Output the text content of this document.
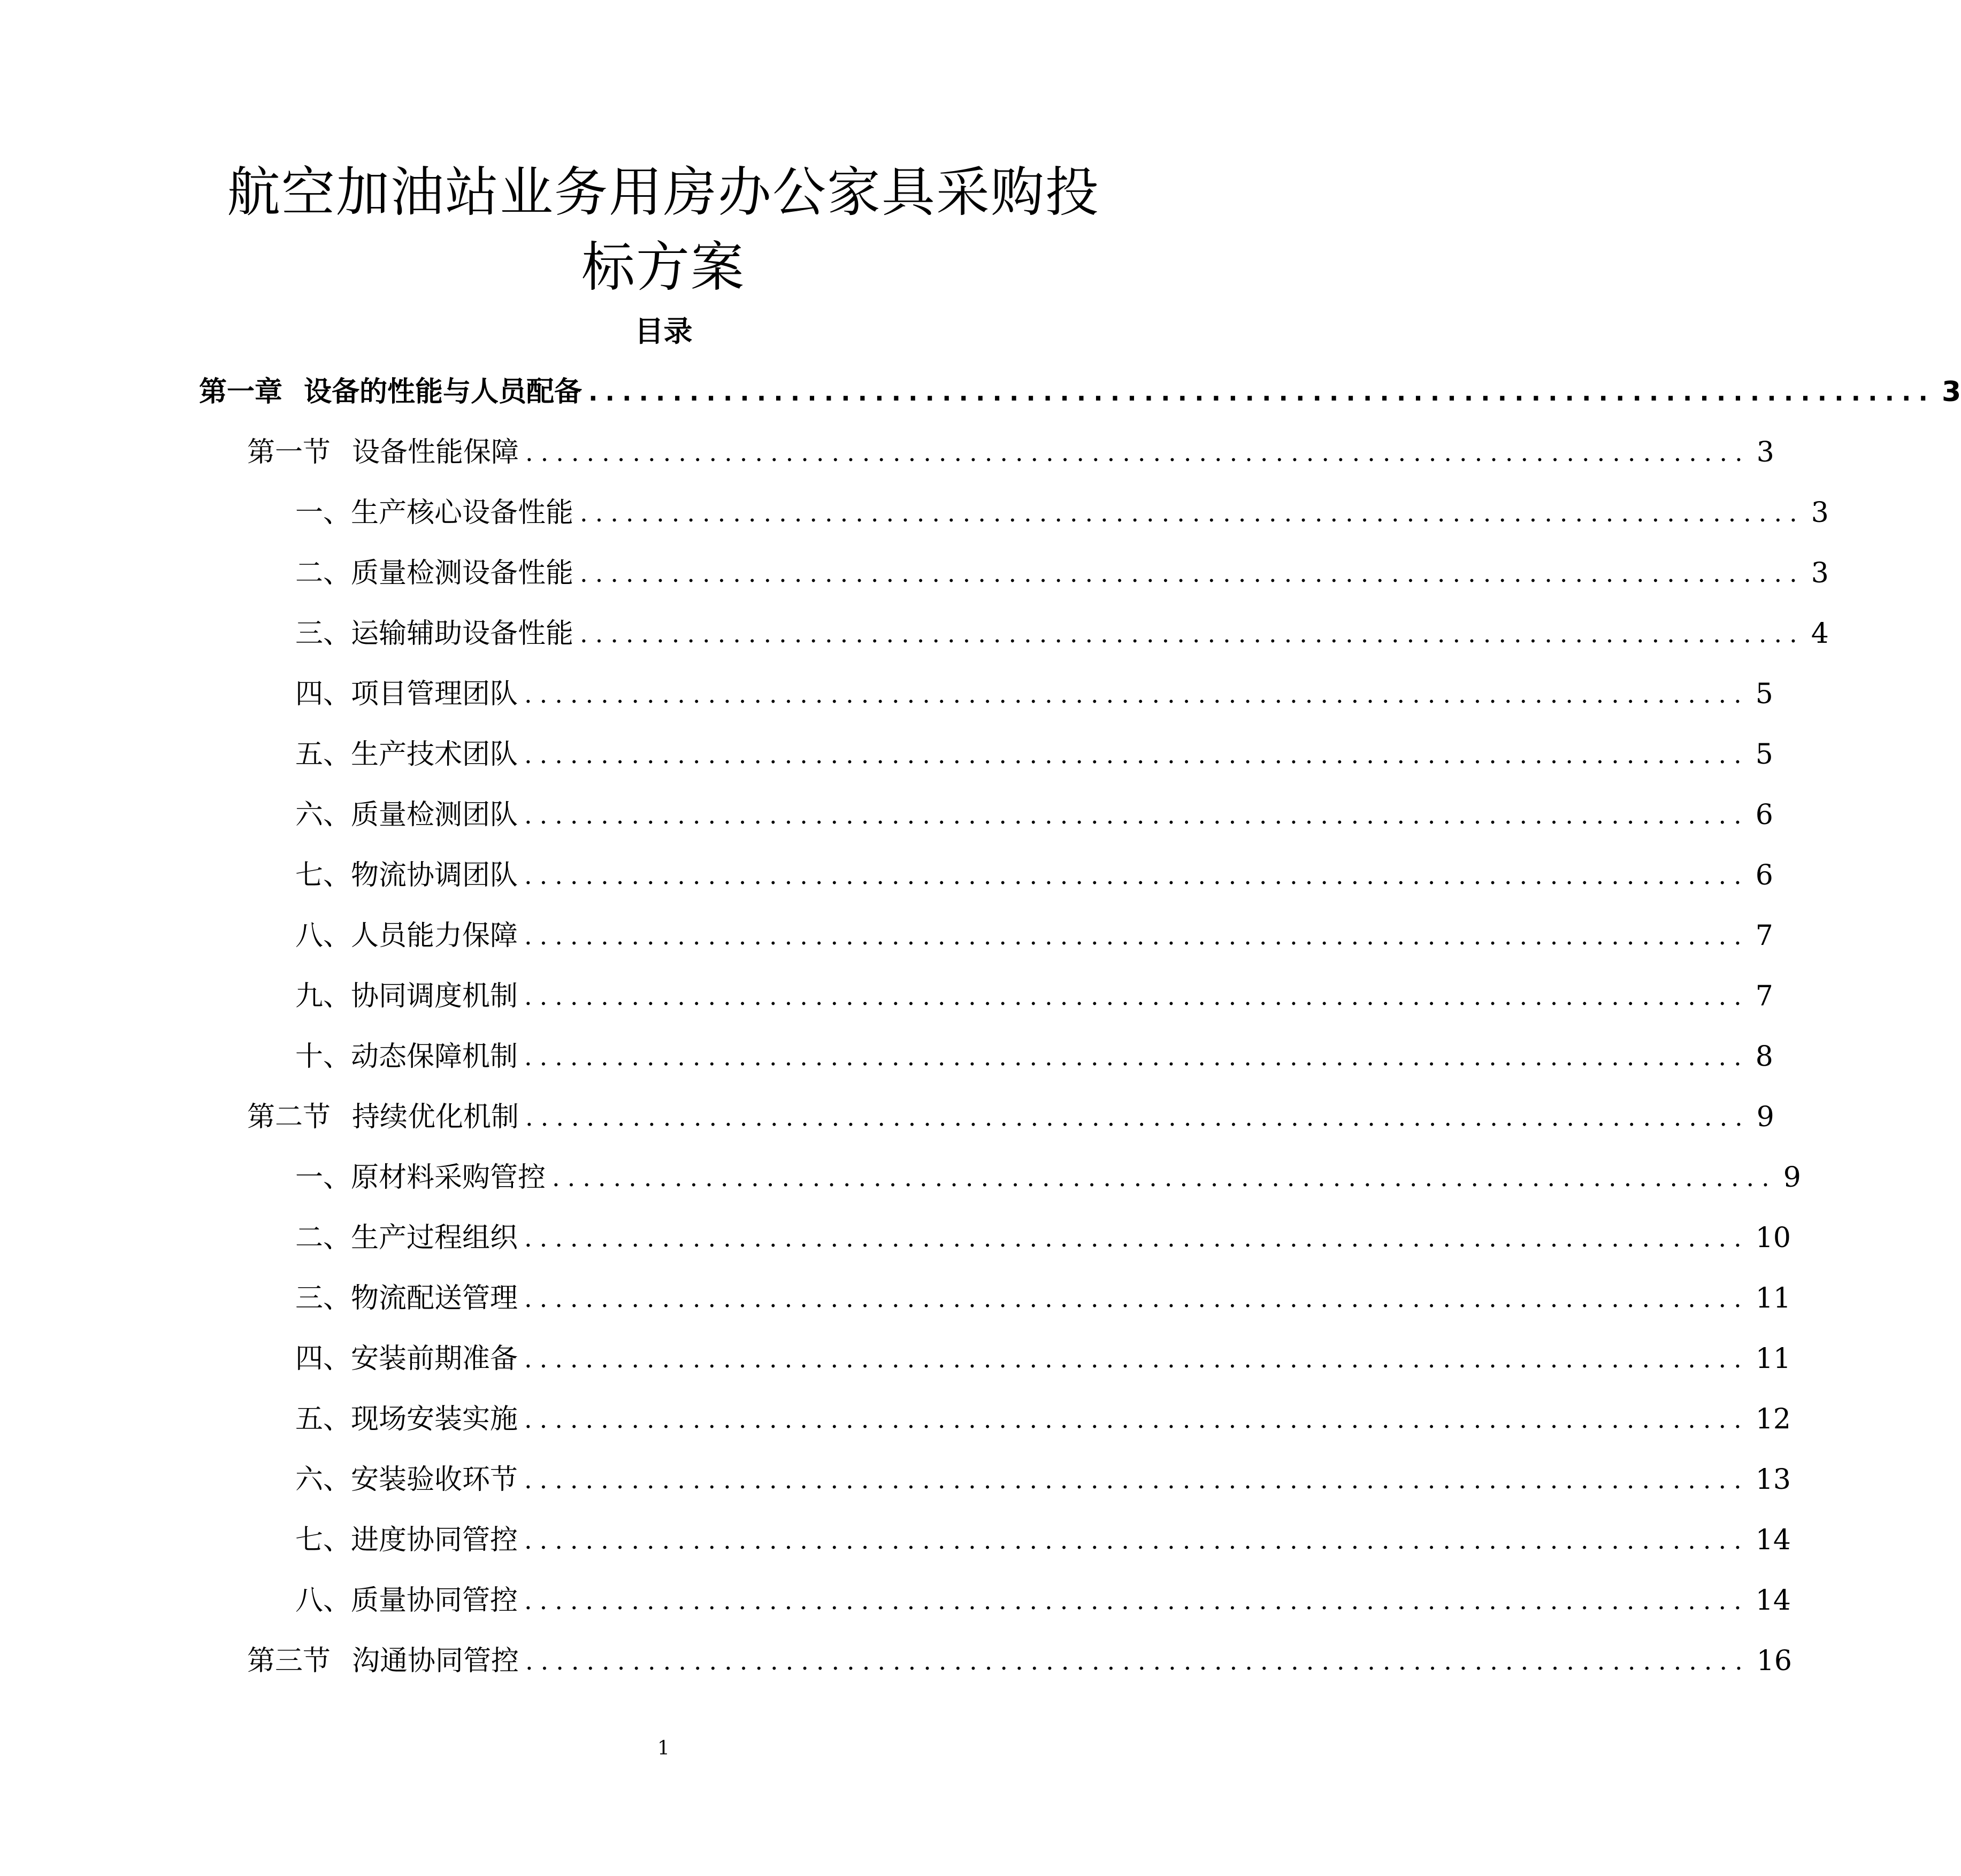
航空加油站业务用房办公家具采购投标方案
目录
第一章 设备的性能与人员配备 ................................................................................ 3
第一节 设备性能保障 ................................................................................ 3
一、 生产核心设备性能 ................................................................................ 3
二、 质量检测设备性能 ................................................................................ 3
三、 运输辅助设备性能 ................................................................................ 4
四、 项目管理团队 ................................................................................ 5
五、 生产技术团队 ................................................................................ 5
六、 质量检测团队 ................................................................................ 6
七、 物流协调团队 ................................................................................ 6
八、 人员能力保障 ................................................................................ 7
九、 协同调度机制 ................................................................................ 7
十、 动态保障机制 ................................................................................ 8
第二节 持续优化机制 ................................................................................ 9
一、 原材料采购管控 ................................................................................ 9
二、 生产过程组织 ................................................................................ 10
三、 物流配送管理 ................................................................................ 11
四、 安装前期准备 ................................................................................ 11
五、 现场安装实施 ................................................................................ 12
六、 安装验收环节 ................................................................................ 13
七、 进度协同管控 ................................................................................ 14
八、 质量协同管控 ................................................................................ 14
第三节 沟通协同管控 ................................................................................ 16
1
